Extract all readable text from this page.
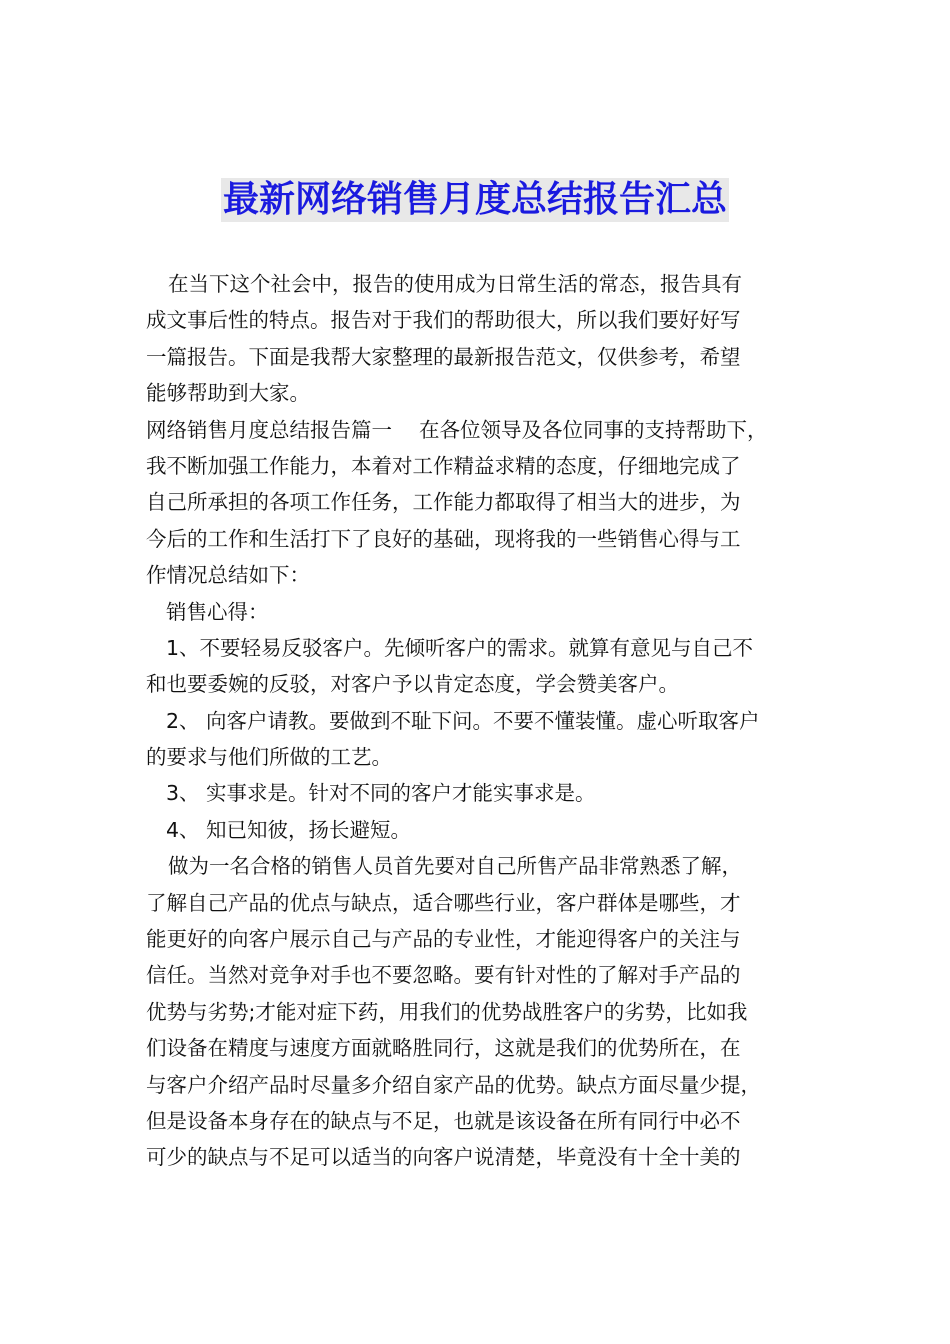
最新网络销售月度总结报告汇总
在当下这个社会中，报告的使用成为日常生活的常态，报告具有
成文事后性的特点。报告对于我们的帮助很大，所以我们要好好写
一篇报告。下面是我帮大家整理的最新报告范文，仅供参考，希望
能够帮助到大家。
网络销售月度总结报告篇一　 在各位领导及各位同事的支持帮助下，
我不断加强工作能力，本着对工作精益求精的态度，仔细地完成了
自己所承担的各项工作任务，工作能力都取得了相当大的进步，为
今后的工作和生活打下了良好的基础，现将我的一些销售心得与工
作情况总结如下：
销售心得：
1、不要轻易反驳客户。先倾听客户的需求。就算有意见与自己不
和也要委婉的反驳，对客户予以肯定态度，学会赞美客户。
2、 向客户请教。要做到不耻下问。不要不懂装懂。虚心听取客户
的要求与他们所做的工艺。
3、 实事求是。针对不同的客户才能实事求是。
4、 知已知彼，扬长避短。
做为一名合格的销售人员首先要对自己所售产品非常熟悉了解，
了解自己产品的优点与缺点，适合哪些行业，客户群体是哪些，才
能更好的向客户展示自己与产品的专业性，才能迎得客户的关注与
信任。当然对竞争对手也不要忽略。要有针对性的了解对手产品的
优势与劣势;才能对症下药，用我们的优势战胜客户的劣势，比如我
们设备在精度与速度方面就略胜同行，这就是我们的优势所在，在
与客户介绍产品时尽量多介绍自家产品的优势。缺点方面尽量少提，
但是设备本身存在的缺点与不足，也就是该设备在所有同行中必不
可少的缺点与不足可以适当的向客户说清楚，毕竟没有十全十美的
